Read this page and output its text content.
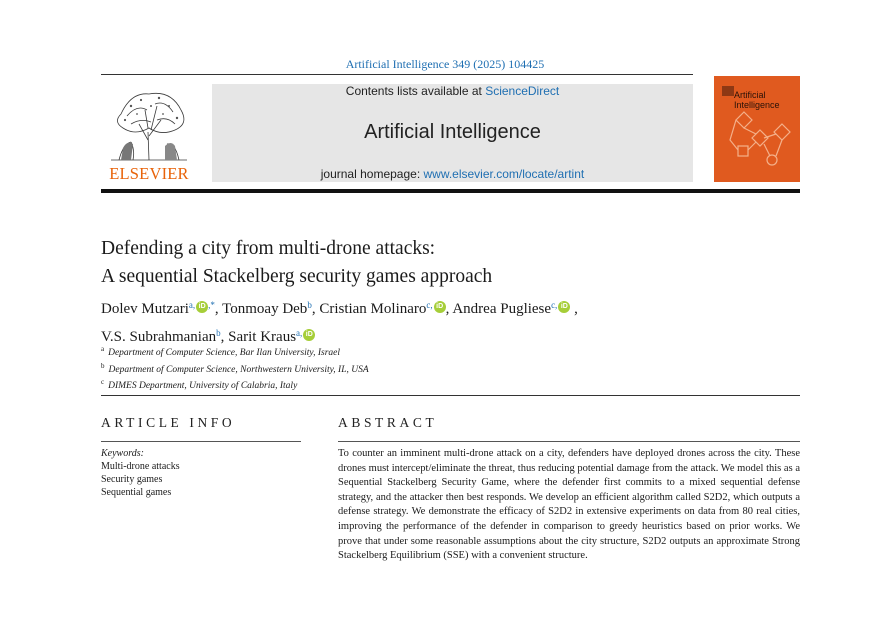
Artificial Intelligence 349 (2025) 104425
ELSEVIER
Contents lists available at ScienceDirect
Artificial Intelligence
journal homepage: www.elsevier.com/locate/artint
Artificial Intelligence
Defending a city from multi-drone attacks:
A sequential Stackelberg security games approach
Dolev Mutzari$^{a,}$ iD ,*, Tonmoay Deb$^b$, Cristian Molinaro$^{c,}$ iD , Andrea Pugliese$^{c,}$ iD ,
V.S. Subrahmanian$^b$, Sarit Kraus$^{a,}$ iD
$^a$ Department of Computer Science, Bar Ilan University, Israel
$^b$ Department of Computer Science, Northwestern University, IL, USA
$^c$ DIMES Department, University of Calabria, Italy
ARTICLE INFO
Keywords:
Multi-drone attacks
Security games
Sequential games
ABSTRACT
To counter an imminent multi-drone attack on a city, defenders have deployed drones across the city. These drones must intercept/eliminate the threat, thus reducing potential damage from the attack. We model this as a Sequential Stackelberg Security Game, where the defender first commits to a mixed sequential defense strategy, and the attacker then best responds. We develop an efficient algorithm called S2D2, which outputs a defense strategy. We demonstrate the efficacy of S2D2 in extensive experiments on data from 80 real cities, improving the performance of the defender in comparison to greedy heuristics based on prior works. We prove that under some reasonable assumptions about the city structure, S2D2 outputs an approximate Strong Stackelberg Equilibrium (SSE) with a convenient structure.
